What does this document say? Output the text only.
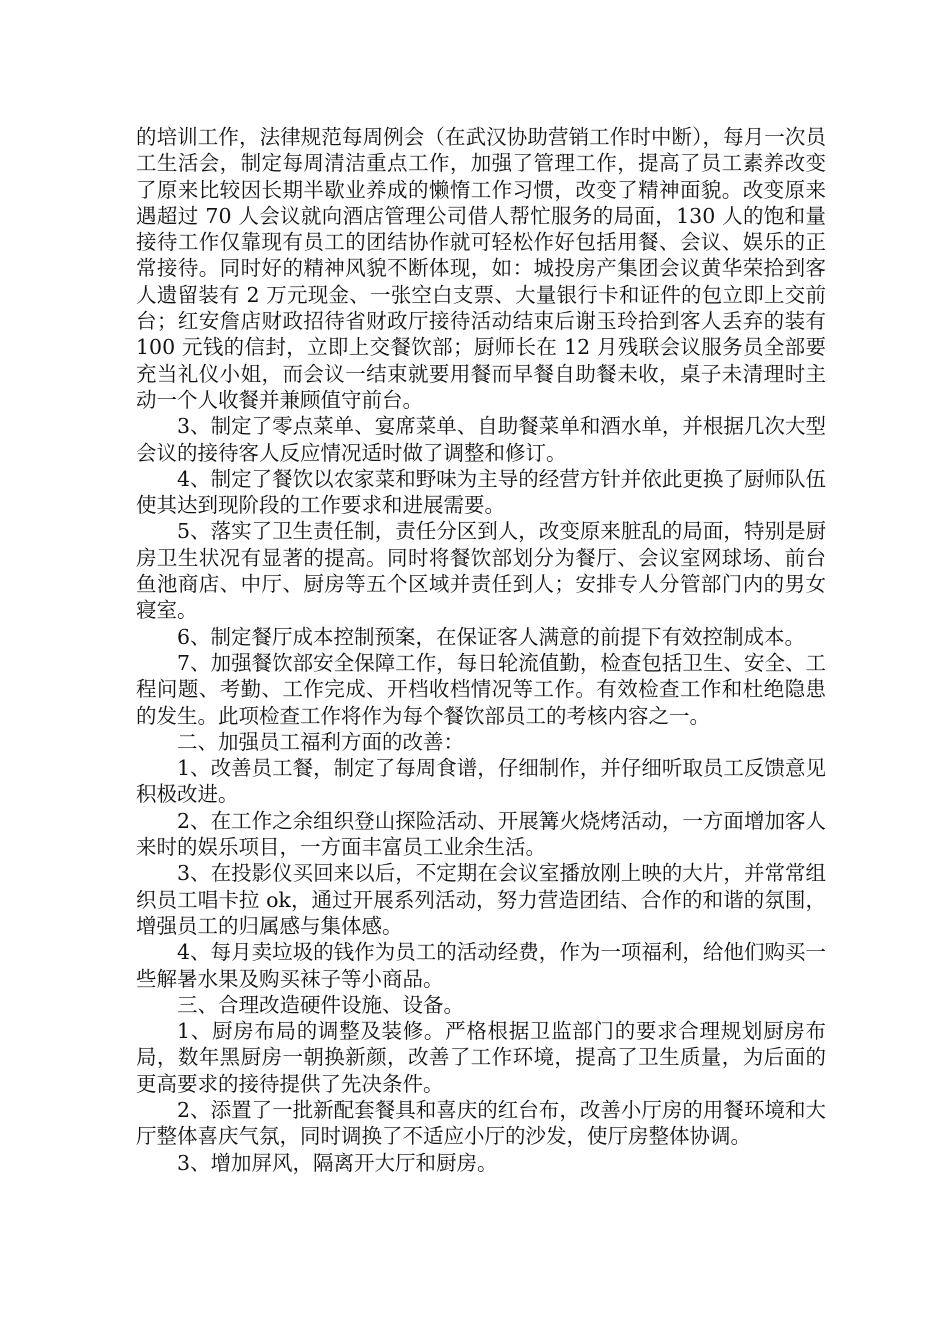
的培训工作，法律规范每周例会（在武汉协助营销工作时中断），每月一次员工生活会，制定每周清洁重点工作，加强了管理工作，提高了员工素养改变了原来比较因长期半歇业养成的懒惰工作习惯，改变了精神面貌。改变原来遇超过 70 人会议就向酒店管理公司借人帮忙服务的局面，130 人的饱和量接待工作仅靠现有员工的团结协作就可轻松作好包括用餐、会议、娱乐的正常接待。同时好的精神风貌不断体现，如：城投房产集团会议黄华荣拾到客人遗留装有 2 万元现金、一张空白支票、大量银行卡和证件的包立即上交前台；红安詹店财政招待省财政厅接待活动结束后谢玉玲拾到客人丢弃的装有 100 元钱的信封，立即上交餐饮部；厨师长在 12 月残联会议服务员全部要充当礼仪小姐，而会议一结束就要用餐而早餐自助餐未收，桌子未清理时主动一个人收餐并兼顾值守前台。

3、制定了零点菜单、宴席菜单、自助餐菜单和酒水单，并根据几次大型会议的接待客人反应情况适时做了调整和修订。

4、制定了餐饮以农家菜和野味为主导的经营方针并依此更换了厨师队伍使其达到现阶段的工作要求和进展需要。

5、落实了卫生责任制，责任分区到人，改变原来脏乱的局面，特别是厨房卫生状况有显著的提高。同时将餐饮部划分为餐厅、会议室网球场、前台鱼池商店、中厅、厨房等五个区域并责任到人；安排专人分管部门内的男女寝室。

6、制定餐厅成本控制预案，在保证客人满意的前提下有效控制成本。

7、加强餐饮部安全保障工作，每日轮流值勤，检查包括卫生、安全、工程问题、考勤、工作完成、开档收档情况等工作。有效检查工作和杜绝隐患的发生。此项检查工作将作为每个餐饮部员工的考核内容之一。

二、加强员工福利方面的改善：

1、改善员工餐，制定了每周食谱，仔细制作，并仔细听取员工反馈意见积极改进。

2、在工作之余组织登山探险活动、开展篝火烧烤活动，一方面增加客人来时的娱乐项目，一方面丰富员工业余生活。

3、在投影仪买回来以后，不定期在会议室播放刚上映的大片，并常常组织员工唱卡拉 ok，通过开展系列活动，努力营造团结、合作的和谐的氛围，增强员工的归属感与集体感。

4、每月卖垃圾的钱作为员工的活动经费，作为一项福利，给他们购买一些解暑水果及购买袜子等小商品。

三、合理改造硬件设施、设备。

1、厨房布局的调整及装修。严格根据卫监部门的要求合理规划厨房布局，数年黑厨房一朝换新颜，改善了工作环境，提高了卫生质量，为后面的更高要求的接待提供了先决条件。

2、添置了一批新配套餐具和喜庆的红台布，改善小厅房的用餐环境和大厅整体喜庆气氛，同时调换了不适应小厅的沙发，使厅房整体协调。

3、增加屏风，隔离开大厅和厨房。
